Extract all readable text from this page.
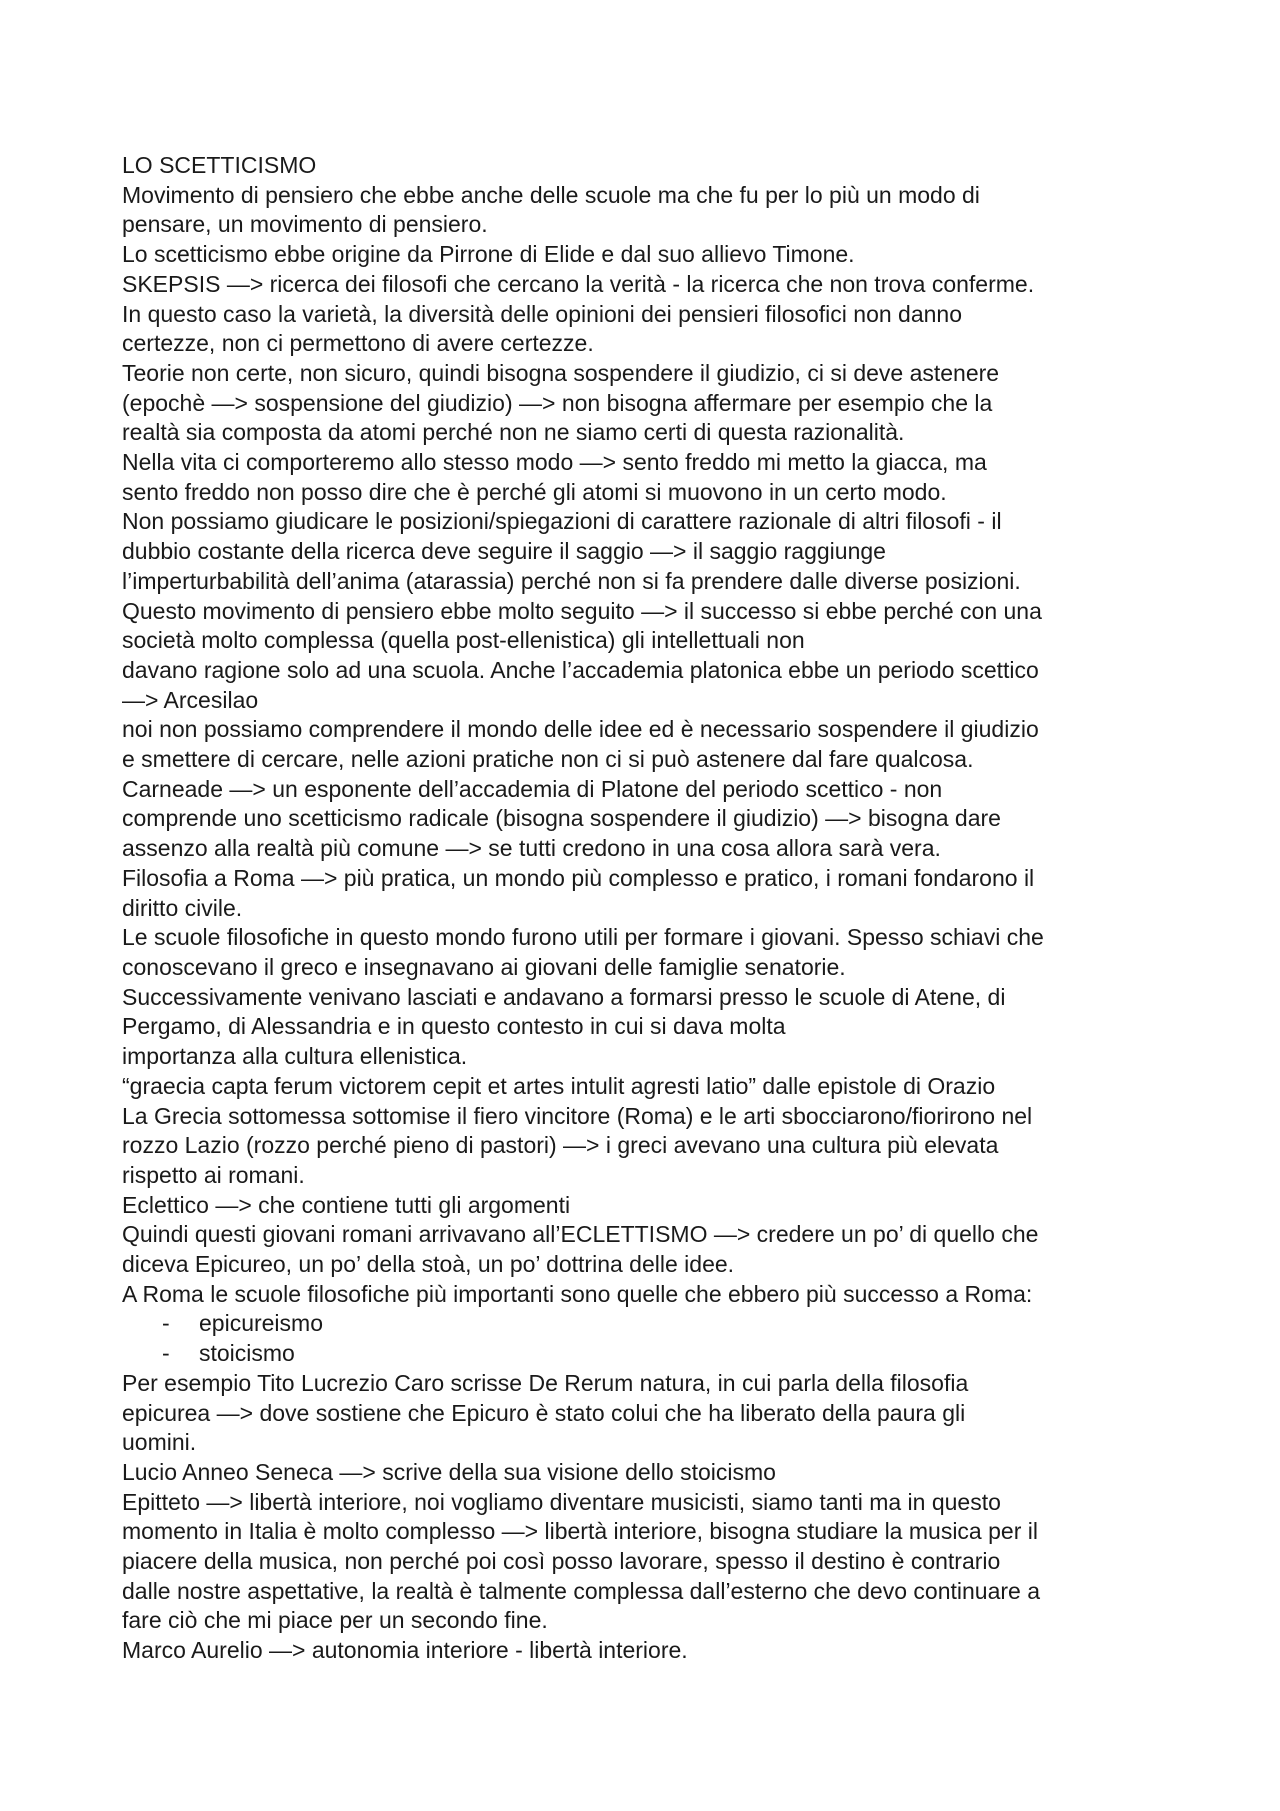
LO SCETTICISMO
Movimento di pensiero che ebbe anche delle scuole ma che fu per lo più un modo di
pensare, un movimento di pensiero.
Lo scetticismo ebbe origine da Pirrone di Elide e dal suo allievo Timone.
SKEPSIS —> ricerca dei filosofi che cercano la verità - la ricerca che non trova conferme.
In questo caso la varietà, la diversità delle opinioni dei pensieri filosofici non danno
certezze, non ci permettono di avere certezze.
Teorie non certe, non sicuro, quindi bisogna sospendere il giudizio, ci si deve astenere
(epochè —> sospensione del giudizio) —> non bisogna affermare per esempio che la
realtà sia composta da atomi perché non ne siamo certi di questa razionalità.
Nella vita ci comporteremo allo stesso modo —> sento freddo mi metto la giacca, ma
sento freddo non posso dire che è perché gli atomi si muovono in un certo modo.
Non possiamo giudicare le posizioni/spiegazioni di carattere razionale di altri filosofi - il
dubbio costante della ricerca deve seguire il saggio —> il saggio raggiunge
l’imperturbabilità dell’anima (atarassia) perché non si fa prendere dalle diverse posizioni.
Questo movimento di pensiero ebbe molto seguito —> il successo si ebbe perché con una
società molto complessa (quella post-ellenistica) gli intellettuali non
davano ragione solo ad una scuola. Anche l’accademia platonica ebbe un periodo scettico
—> Arcesilao
noi non possiamo comprendere il mondo delle idee ed è necessario sospendere il giudizio
e smettere di cercare, nelle azioni pratiche non ci si può astenere dal fare qualcosa.
Carneade —> un esponente dell’accademia di Platone del periodo scettico - non
comprende uno scetticismo radicale (bisogna sospendere il giudizio) —> bisogna dare
assenzo alla realtà più comune —> se tutti credono in una cosa allora sarà vera.
Filosofia a Roma —> più pratica, un mondo più complesso e pratico, i romani fondarono il
diritto civile.
Le scuole filosofiche in questo mondo furono utili per formare i giovani. Spesso schiavi che
conoscevano il greco e insegnavano ai giovani delle famiglie senatorie.
Successivamente venivano lasciati e andavano a formarsi presso le scuole di Atene, di
Pergamo, di Alessandria e in questo contesto in cui si dava molta
importanza alla cultura ellenistica.
“graecia capta ferum victorem cepit et artes intulit agresti latio” dalle epistole di Orazio
La Grecia sottomessa sottomise il fiero vincitore (Roma) e le arti sbocciarono/fiorirono nel
rozzo Lazio (rozzo perché pieno di pastori) —> i greci avevano una cultura più elevata
rispetto ai romani.
Eclettico —> che contiene tutti gli argomenti
Quindi questi giovani romani arrivavano all’ECLETTISMO —> credere un po’ di quello che
diceva Epicureo, un po’ della stoà, un po’ dottrina delle idee.
A Roma le scuole filosofiche più importanti sono quelle che ebbero più successo a Roma:
- epicureismo
- stoicismo
Per esempio Tito Lucrezio Caro scrisse De Rerum natura, in cui parla della filosofia
epicurea —> dove sostiene che Epicuro è stato colui che ha liberato della paura gli
uomini.
Lucio Anneo Seneca —> scrive della sua visione dello stoicismo
Epitteto —> libertà interiore, noi vogliamo diventare musicisti, siamo tanti ma in questo
momento in Italia è molto complesso —> libertà interiore, bisogna studiare la musica per il
piacere della musica, non perché poi così posso lavorare, spesso il destino è contrario
dalle nostre aspettative, la realtà è talmente complessa dall’esterno che devo continuare a
fare ciò che mi piace per un secondo fine.
Marco Aurelio —> autonomia interiore - libertà interiore.
